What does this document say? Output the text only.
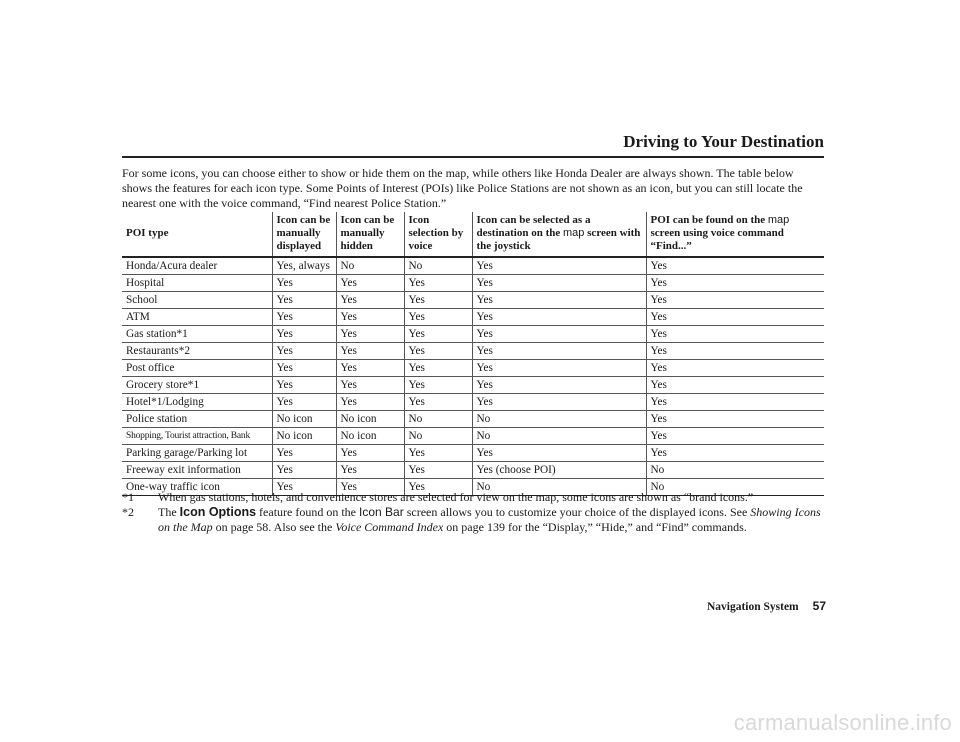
Driving to Your Destination

For some icons, you can choose either to show or hide them on the map, while others like Honda Dealer are always shown. The table below shows the features for each icon type. Some Points of Interest (POIs) like Police Stations are not shown as an icon, but you can still locate the nearest one with the voice command, “Find nearest Police Station.”

POI type	Icon can be manually displayed	Icon can be manually hidden	Icon selection by voice	Icon can be selected as a destination on the map screen with the joystick	POI can be found on the map screen using voice command “Find...”
Honda/Acura dealer	Yes, always	No	No	Yes	Yes
Hospital	Yes	Yes	Yes	Yes	Yes
School	Yes	Yes	Yes	Yes	Yes
ATM	Yes	Yes	Yes	Yes	Yes
Gas station*1	Yes	Yes	Yes	Yes	Yes
Restaurants*2	Yes	Yes	Yes	Yes	Yes
Post office	Yes	Yes	Yes	Yes	Yes
Grocery store*1	Yes	Yes	Yes	Yes	Yes
Hotel*1/Lodging	Yes	Yes	Yes	Yes	Yes
Police station	No icon	No icon	No	No	Yes
Shopping, Tourist attraction, Bank	No icon	No icon	No	No	Yes
Parking garage/Parking lot	Yes	Yes	Yes	Yes	Yes
Freeway exit information	Yes	Yes	Yes	Yes (choose POI)	No
One-way traffic icon	Yes	Yes	Yes	No	No
*1	When gas stations, hotels, and convenience stores are selected for view on the map, some icons are shown as “brand icons.”
*2	The Icon Options feature found on the Icon Bar screen allows you to customize your choice of the displayed icons. See Showing Icons on the Map on page 58. Also see the Voice Command Index on page 139 for the “Display,” “Hide,” and “Find” commands.
Navigation System 57
carmanualsonline.info
